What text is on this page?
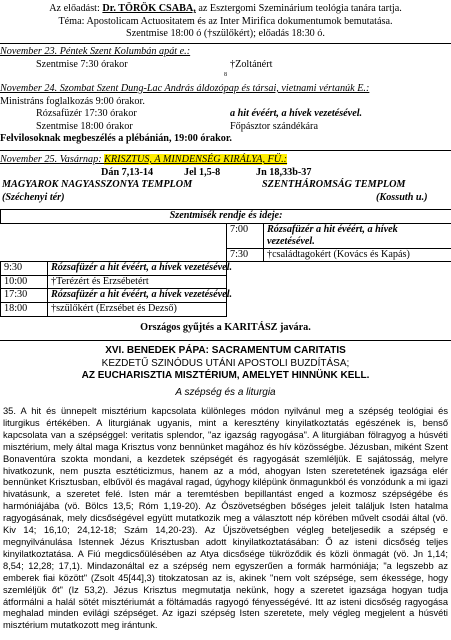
Az előadást: Dr. TÖRÖK CSABA, az Esztergomi Szeminárium teológia tanára tartja.
Téma: Apostolicam Actuositatem és az Inter Mirifica dokumentumok bemutatása.
Szentmise 18:00 ó (†szülőkért); előadás 18:30 ó.
November 23. Péntek Szent Kolumbán apát e.:
Szentmise 7:30 órakor	†Zoltánért
8
November 24. Szombat Szent Dung-Lac András áldozópap és társai, vietnami vértanúk E.:
Ministráns foglalkozás 9:00 órakor.
Rózsafüzér 17:30 órakor	a hit évéért, a hívek vezetésével.
Szentmise 18:00 órakor	Főpásztor szándékára
Felvilosoknak megbeszélés a plébánián, 19:00 órakor.
November 25. Vasárnap: KRISZTUS, A MINDENSÉG KIRÁLYA, FÜ.:
Dán 7,13-14	Jel 1,5-8	Jn 18,33b-37
MAGYAROK NAGYASSZONYA TEMPLOM	SZENTHÁROMSÁG TEMPLOM
(Széchenyi tér)	(Kossuth u.)
Szentmisék rendje és ideje:			
		7:00	Rózsafüzér a hit évéért, a hívek vezetésével.
		7:30	†családtagokért (Kovács és Kapás)
9:30	Rózsafüzér a hit évéért, a hívek vezetésével.		
10:00	†Terézért és Erzsébetért		
17:30	Rózsafüzér a hit évéért, a hívek vezetésével.		
18:00	†szülőkért (Erzsébet és Dezső)		
Országos gyűjtés a KARITÁSZ javára.
XVI. BENEDEK PÁPA: SACRAMENTUM CARITATIS
KEZDETŰ SZINÓDUS UTÁNI APOSTOLI BUZDÍTÁSA;
AZ EUCHARISZTIA MISZTÉRIUM, AMELYET HINNÜNK KELL.
A szépség és a liturgia
35. A hit és ünnepelt misztérium kapcsolata különleges módon nyilvánul meg a szépség teológiai és liturgikus értékében. A liturgiának ugyanis, mint a keresztény kinyilatkoztatás egészének is, benső kapcsolata van a szépséggel: veritatis splendor, "az igazság ragyogása". A liturgiában fölragyog a húsvéti misztérium, mely által maga Krisztus vonz bennünket magához és hív közösségbe. Jézusban, miként Szent Bonaventúra szokta mondani, a kezdetek szépségét és ragyogását szemléljük. E sajátosság, melyre hivatkozunk, nem puszta esztéticizmus, hanem az a mód, ahogyan Isten szeretetének igazsága elér bennünket Krisztusban, elbűvöl és magával ragad, úgyhogy kilépünk önmagunkból és vonzódunk a mi igazi hivatásunk, a szeretet felé. Isten már a teremtésben bepillantást enged a kozmosz szépségébe és harmóniájába (vö. Bölcs 13,5; Róm 1,19-20). Az Ószövetségben bőséges jeleit találjuk Isten hatalma ragyogásának, mely dicsőségével együtt mutatkozik meg a választott nép körében művelt csodái által (vö. Kiv 14; 16,10; 24,12-18; Szám 14,20-23). Az Újszövetségben végleg beteljesedik a szépség e megnyilvánulása Istennek Jézus Krisztusban adott kinyilatkoztatásában: Ő az isteni dicsőség teljes kinyilatkoztatása. A Fiú megdicsőülésében az Atya dicsősége tükröződik és közli önmagát (vö. Jn 1,14; 8,54; 12,28; 17,1). Mindazonáltal ez a szépség nem egyszerűen a formák harmóniája; "a legszebb az emberek fiai között" (Zsolt 45[44],3) titokzatosan az is, akinek "nem volt szépsége, sem ékessége, hogy szemléljük őt" (Iz 53,2). Jézus Krisztus megmutatja nekünk, hogy a szeretet igazsága hogyan tudja átformálni a halál sötét misztériumát a föltámadás ragyogó fényességévé. Itt az isteni dicsőség ragyogása meghalad minden evilági szépséget. Az igazi szépség Isten szeretete, mely végleg megjelent a húsvéti misztérium mutatkozott meg irántunk.
